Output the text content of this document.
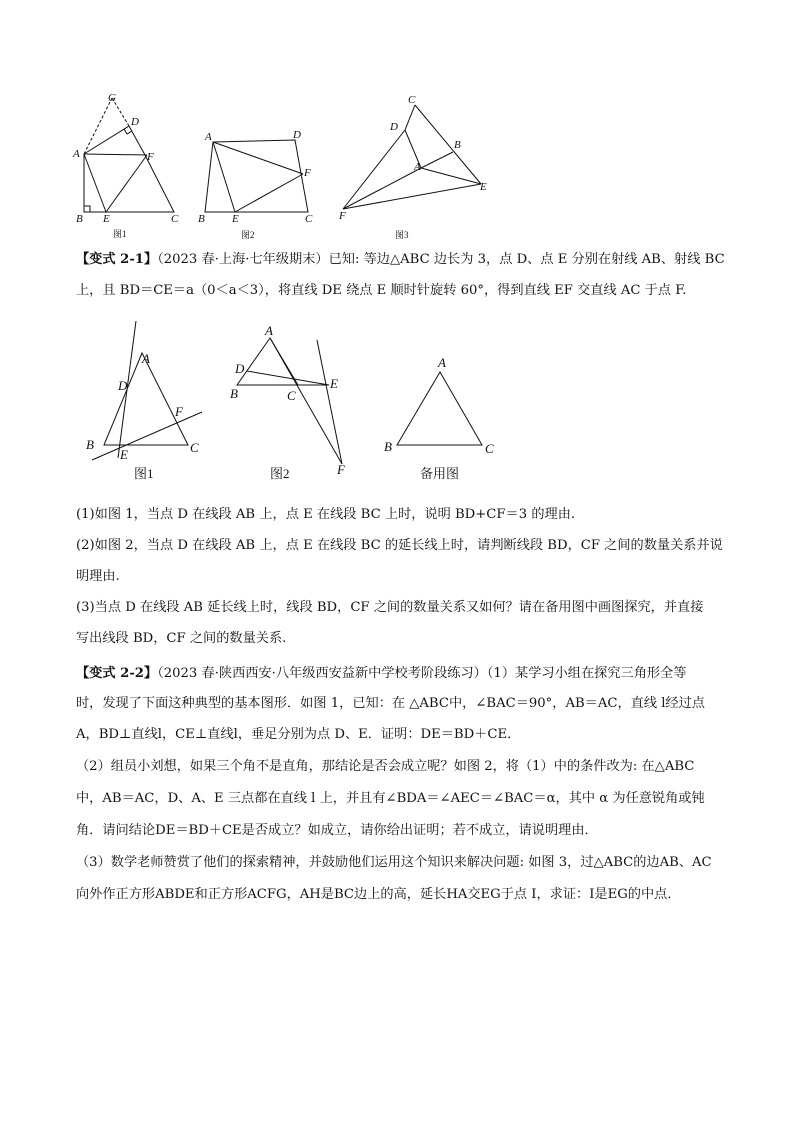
G
D
A	F
B E	C
图1
A	D
F
B E	C
图2
C
D
B
A
E
F
图3

【变式 2-1】（2023 春·上海·七年级期末）已知: 等边△ABC 边长为 3，点 D、点 E 分别在射线 AB、射线 BC

上，且 BD＝CE＝a（0＜a＜3），将直线 DE 绕点 E 顺时针旋转 60°，得到直线 EF 交直线 AC 于点 F.

A
D
F
B
E	C
图1
A
D
E
B	C
F
图2
A
B	C
备用图

(1)如图 1，当点 D 在线段 AB 上，点 E 在线段 BC 上时，说明 BD+CF＝3 的理由.

(2)如图 2，当点 D 在线段 AB 上，点 E 在线段 BC 的延长线上时，请判断线段 BD，CF 之间的数量关系并说

明理由.

(3)当点 D 在线段 AB 延长线上时，线段 BD，CF 之间的数量关系又如何？请在备用图中画图探究，并直接

写出线段 BD，CF 之间的数量关系.

【变式 2-2】（2023 春·陕西西安·八年级西安益新中学校考阶段练习）（1）某学习小组在探究三角形全等

时，发现了下面这种典型的基本图形．如图 1，已知：在 △ABC中，∠BAC＝90°，AB＝AC，直线 l经过点

A，BD⊥直线l，CE⊥直线l，垂足分别为点 D、E．证明：DE＝BD＋CE．

（2）组员小刘想，如果三个角不是直角，那结论是否会成立呢？如图 2，将（1）中的条件改为: 在△ABC

中，AB＝AC，D、A、E 三点都在直线 l 上，并且有∠BDA＝∠AEC＝∠BAC＝α，其中 α 为任意锐角或钝

角．请问结论DE＝BD＋CE是否成立？如成立，请你给出证明；若不成立，请说明理由．

（3）数学老师赞赏了他们的探索精神，并鼓励他们运用这个知识来解决问题: 如图 3，过△ABC的边AB、AC

向外作正方形ABDE和正方形ACFG，AH是BC边上的高，延长HA交EG于点 I，求证：I是EG的中点．
